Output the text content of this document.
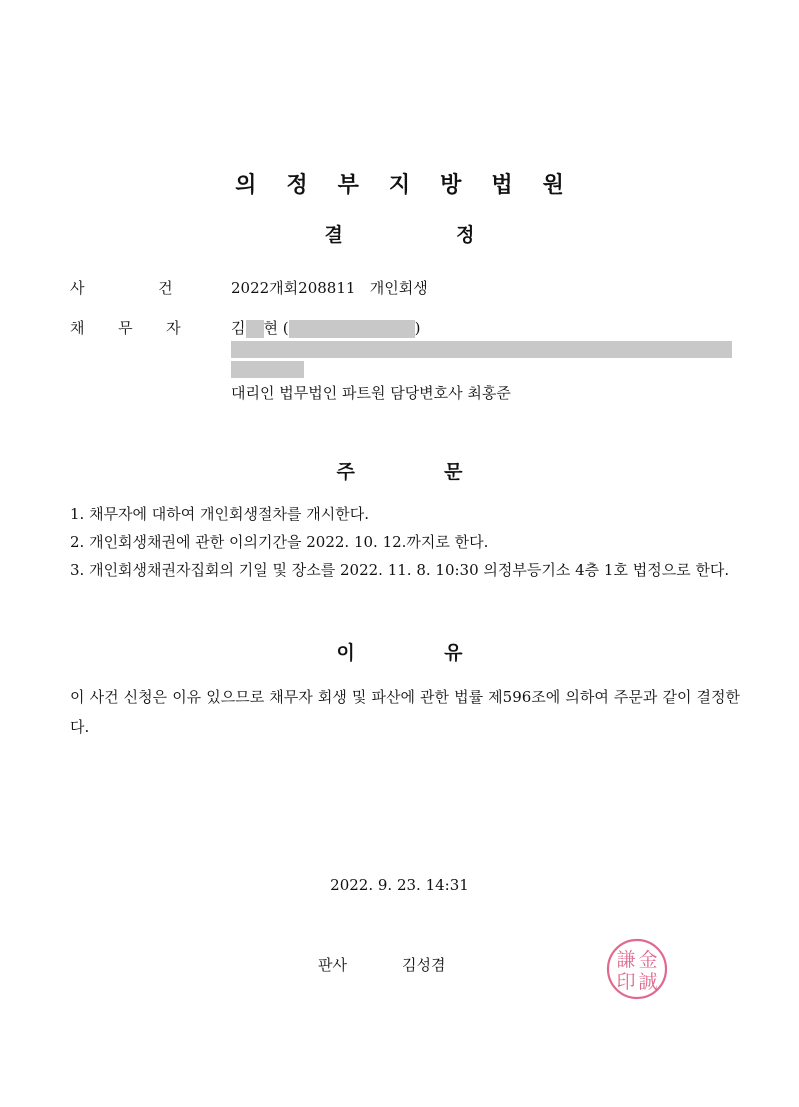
의정부지방법원
결	정
사	건	2022개회208811   개인회생
채 무 자	김 현 (	)
대리인 법무법인 파트원 담당변호사 최홍준
주	문
1. 채무자에 대하여 개인회생절차를 개시한다.
2. 개인회생채권에 관한 이의기간을 2022. 10. 12.까지로 한다.
3. 개인회생채권자집회의 기일 및 장소를 2022. 11. 8. 10:30 의정부등기소 4층 1호 법정으로 한다.
이	유
이 사건 신청은 이유 있으므로 채무자 회생 및 파산에 관한 법률 제596조에 의하여 주문과 같이 결정한다.
2022. 9. 23. 14:31
판사	김성겸	金
誠
謙
印
